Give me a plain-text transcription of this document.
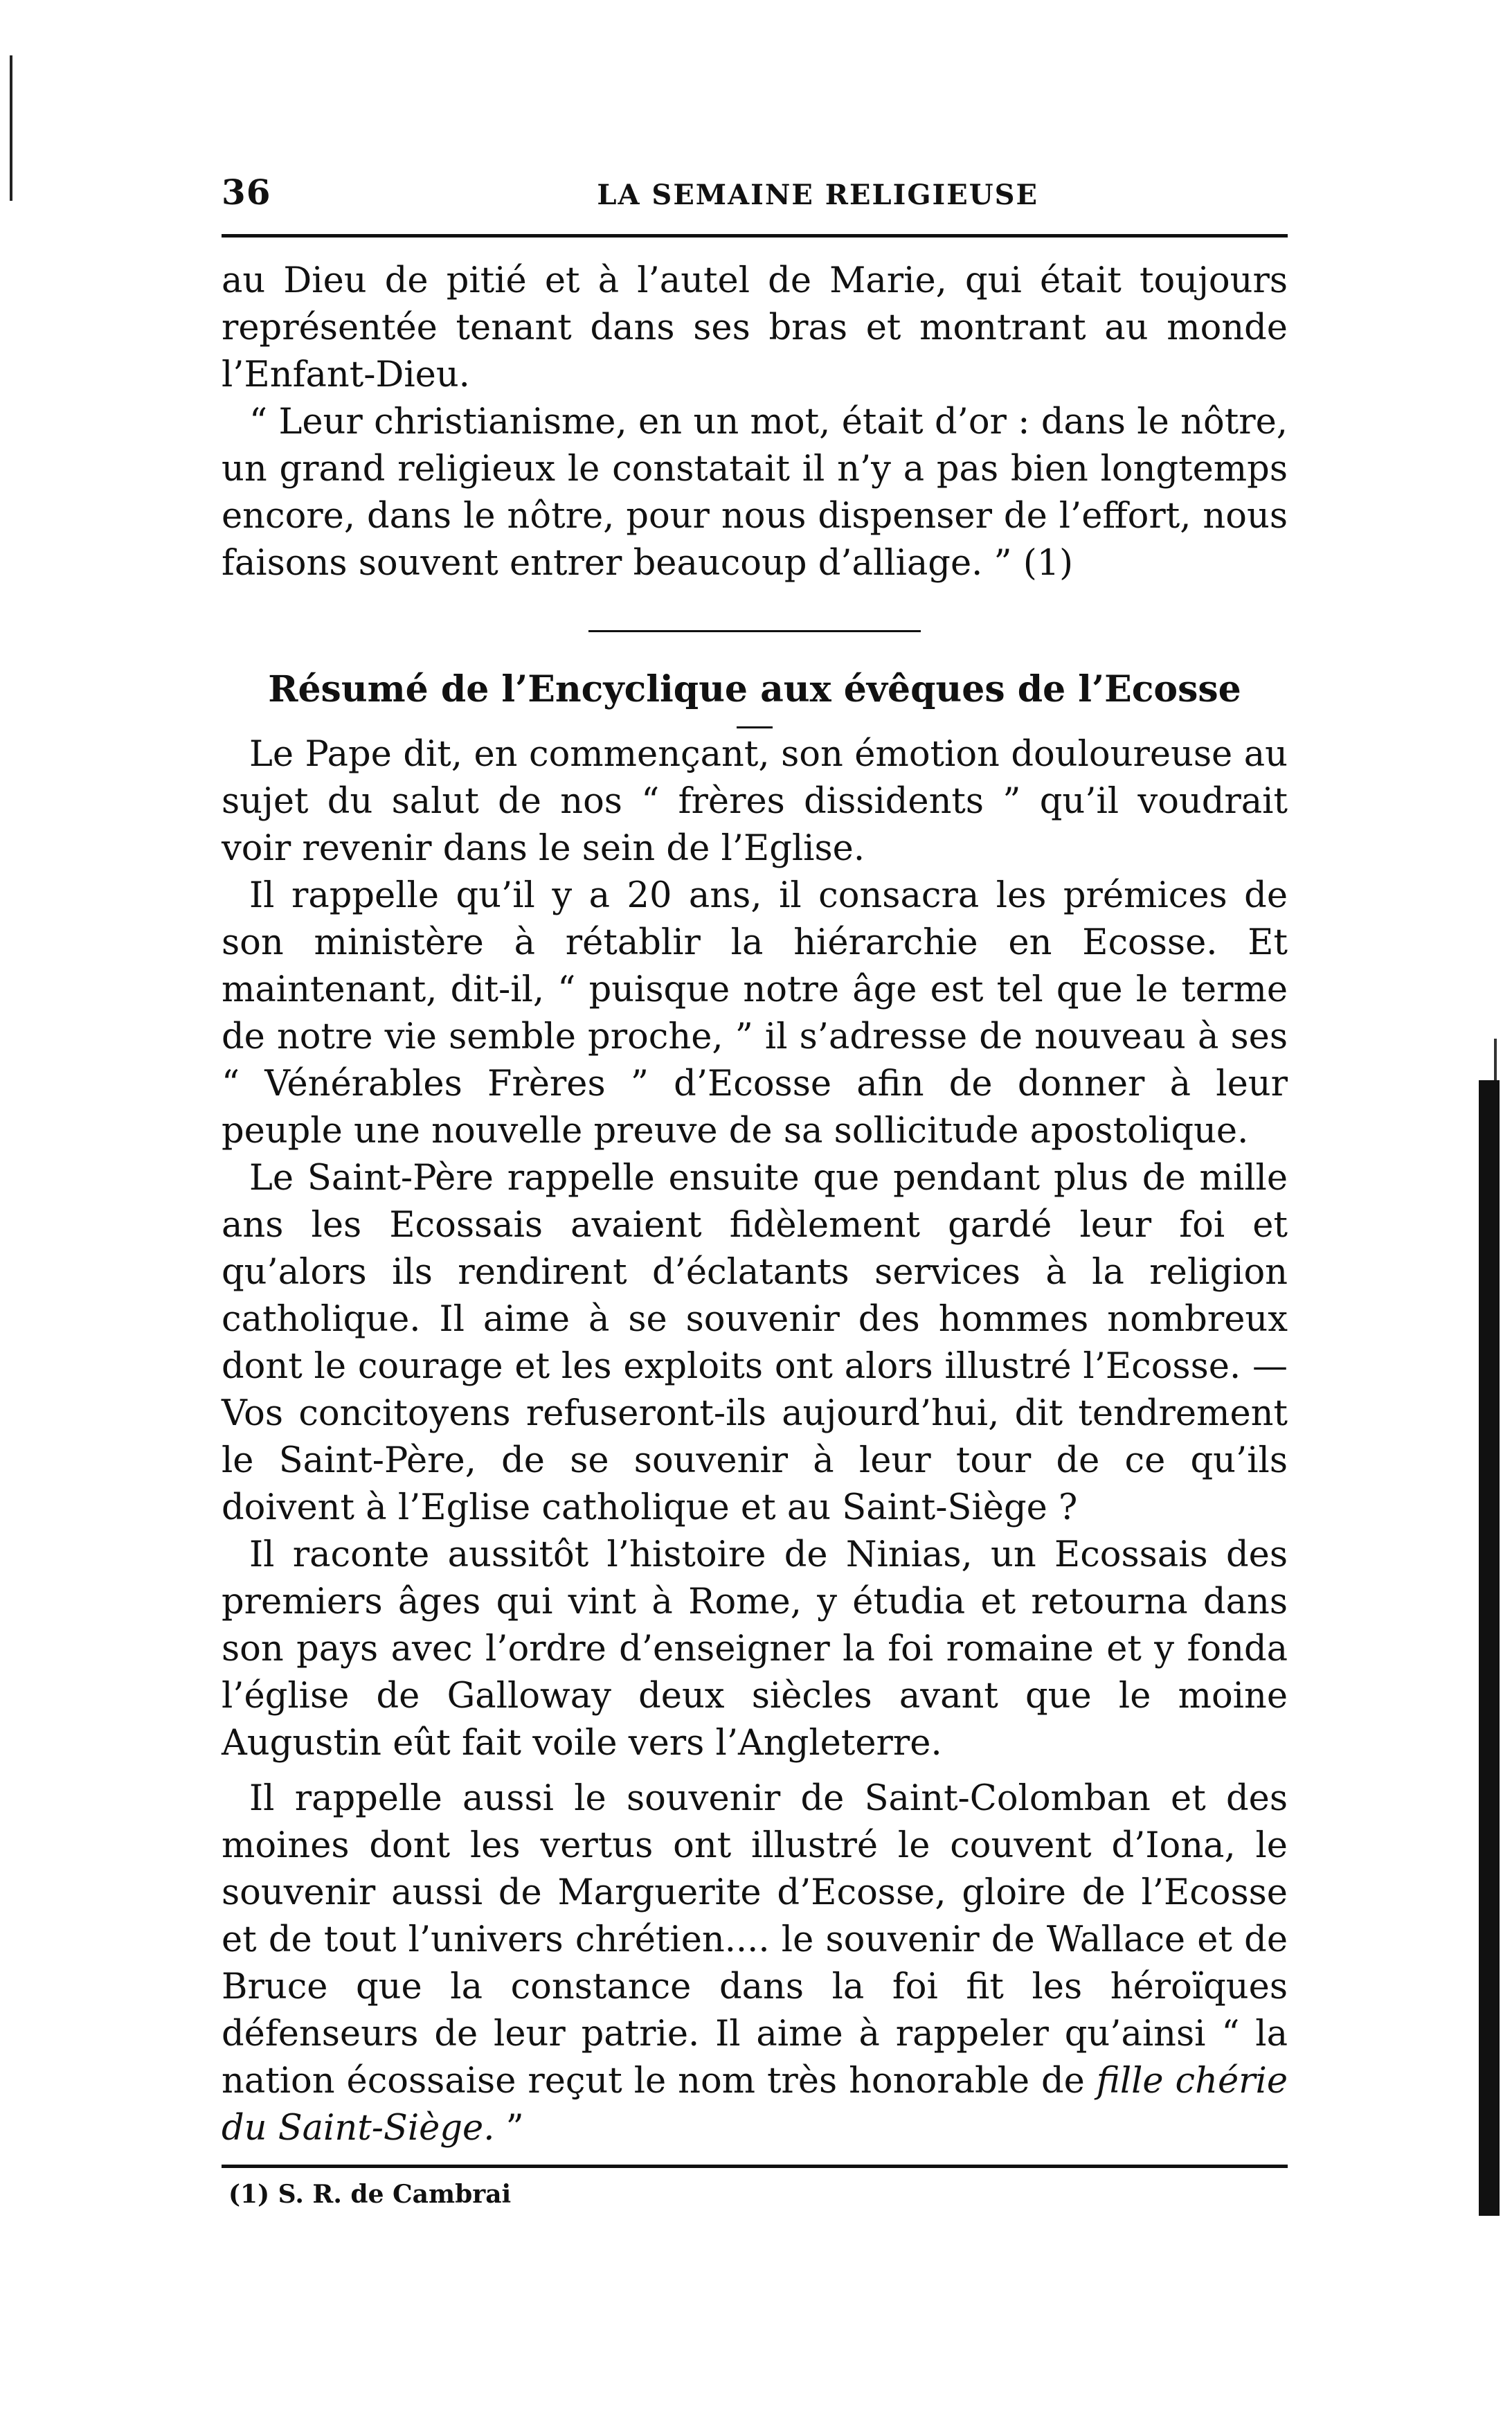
36	LA SEMAINE RELIGIEUSE

au Dieu de pitié et à l’autel de Marie, qui était toujours représentée tenant dans ses bras et montrant au monde l’Enfant-Dieu.

“ Leur christianisme, en un mot, était d’or : dans le nôtre, un grand religieux le constatait il n’y a pas bien longtemps encore, dans le nôtre, pour nous dispenser de l’effort, nous faisons souvent entrer beaucoup d’alliage. ” (1)

Résumé de l’Encyclique aux évêques de l’Ecosse

Le Pape dit, en commençant, son émotion douloureuse au sujet du salut de nos “ frères dissidents ” qu’il voudrait voir revenir dans le sein de l’Eglise.

Il rappelle qu’il y a 20 ans, il consacra les prémices de son ministère à rétablir la hiérarchie en Ecosse. Et maintenant, dit-il, “ puisque notre âge est tel que le terme de notre vie semble proche, ” il s’adresse de nouveau à ses “ Vénérables Frères ” d’Ecosse afin de donner à leur peuple une nouvelle preuve de sa sollicitude apostolique.

Le Saint-Père rappelle ensuite que pendant plus de mille ans les Ecossais avaient fidèlement gardé leur foi et qu’alors ils rendirent d’éclatants services à la religion catholique. Il aime à se souvenir des hommes nombreux dont le courage et les exploits ont alors illustré l’Ecosse. — Vos concitoyens refuseront-ils aujourd’hui, dit tendrement le Saint-Père, de se souvenir à leur tour de ce qu’ils doivent à l’Eglise catholique et au Saint-Siège ?

Il raconte aussitôt l’histoire de Ninias, un Ecossais des premiers âges qui vint à Rome, y étudia et retourna dans son pays avec l’ordre d’enseigner la foi romaine et y fonda l’église de Galloway deux siècles avant que le moine Augustin eût fait voile vers l’Angleterre.

Il rappelle aussi le souvenir de Saint-Colomban et des moines dont les vertus ont illustré le couvent d’Iona, le souvenir aussi de Marguerite d’Ecosse, gloire de l’Ecosse et de tout l’univers chrétien.... le souvenir de Wallace et de Bruce que la constance dans la foi fit les héroïques défenseurs de leur patrie. Il aime à rappeler qu’ainsi “ la nation écossaise reçut le nom très honorable de fille chérie du Saint-Siège. ”

(1) S. R. de Cambrai
